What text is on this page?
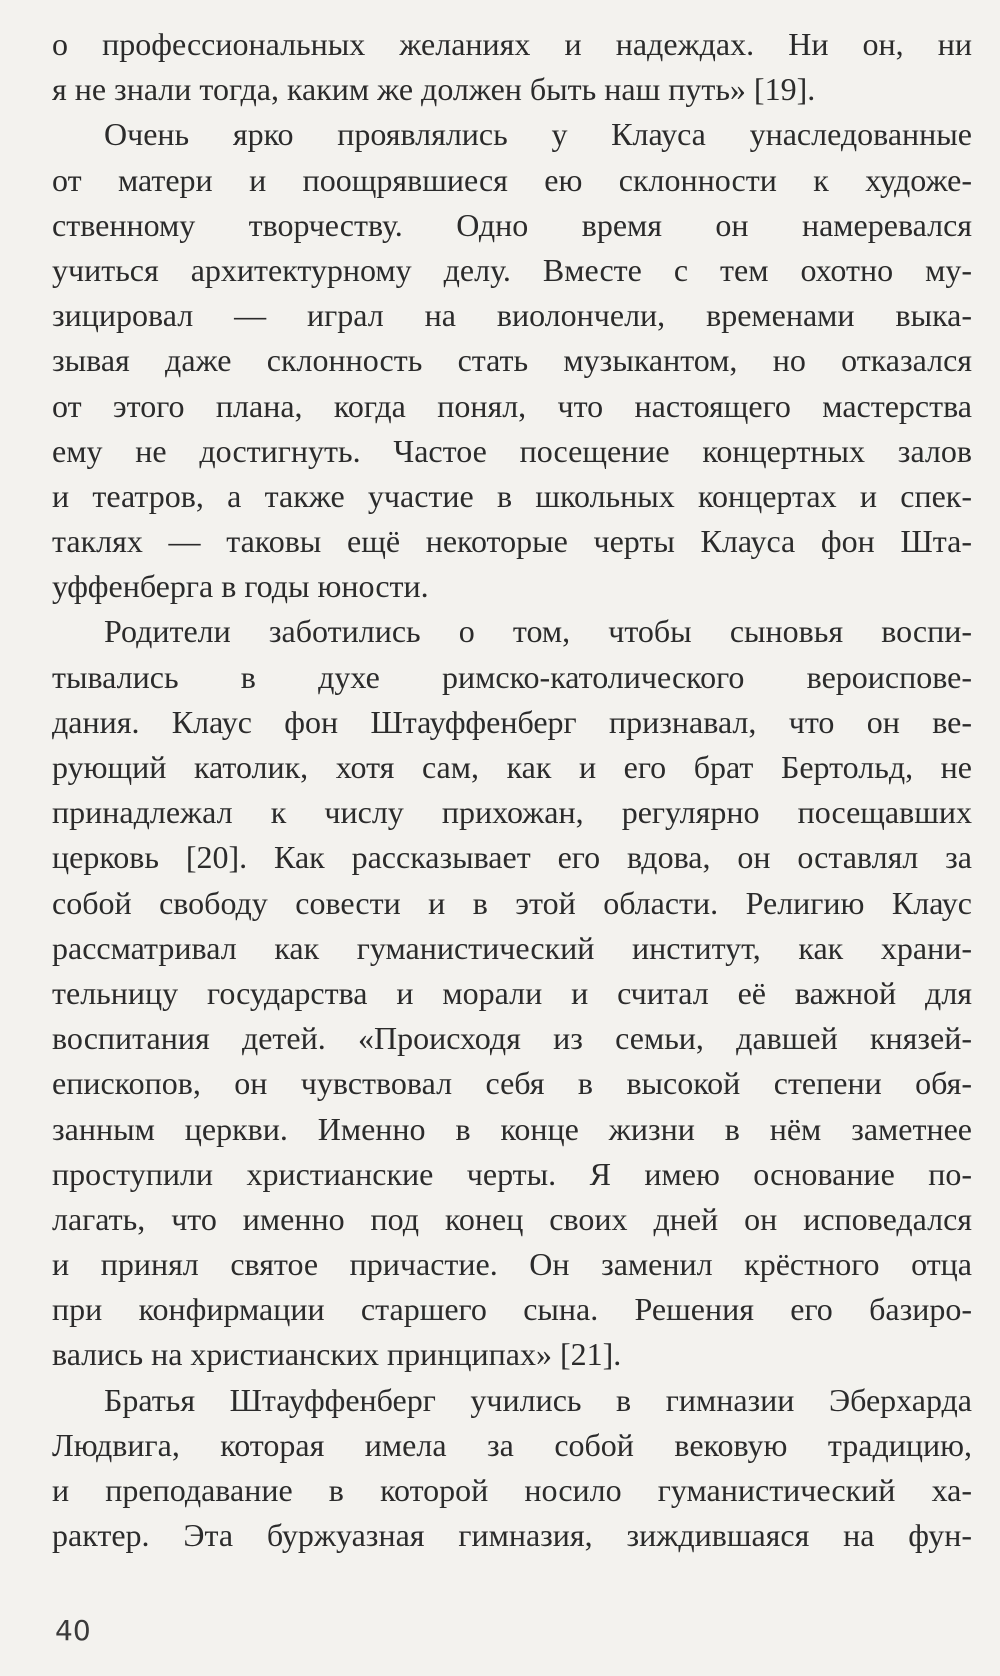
о профессиональных желаниях и надеждах. Ни он, ни
я не знали тогда, каким же должен быть наш путь» [19].
Очень ярко проявлялись у Клауса унаследованные
от матери и поощрявшиеся ею склонности к художе-
ственному творчеству. Одно время он намеревался
учиться архитектурному делу. Вместе с тем охотно му-
зицировал — играл на виолончели, временами выка-
зывая даже склонность стать музыкантом, но отказался
от этого плана, когда понял, что настоящего мастерства
ему не достигнуть. Частое посещение концертных залов
и театров, а также участие в школьных концертах и спек-
таклях — таковы ещё некоторые черты Клауса фон Шта-
уффенберга в годы юности.
Родители заботились о том, чтобы сыновья воспи-
тывались в духе римско-католического вероиспове-
дания. Клаус фон Штауффенберг признавал, что он ве-
рующий католик, хотя сам, как и его брат Бертольд, не
принадлежал к числу прихожан, регулярно посещавших
церковь [20]. Как рассказывает его вдова, он оставлял за
собой свободу совести и в этой области. Религию Клаус
рассматривал как гуманистический институт, как храни-
тельницу государства и морали и считал её важной для
воспитания детей. «Происходя из семьи, давшей князей-
епископов, он чувствовал себя в высокой степени обя-
занным церкви. Именно в конце жизни в нём заметнее
проступили христианские черты. Я имею основание по-
лагать, что именно под конец своих дней он исповедался
и принял святое причастие. Он заменил крёстного отца
при конфирмации старшего сына. Решения его базиро-
вались на христианских принципах» [21].
Братья Штауффенберг учились в гимназии Эберхарда
Людвига, которая имела за собой вековую традицию,
и преподавание в которой носило гуманистический ха-
рактер. Эта буржуазная гимназия, зиждившаяся на фун-
40
